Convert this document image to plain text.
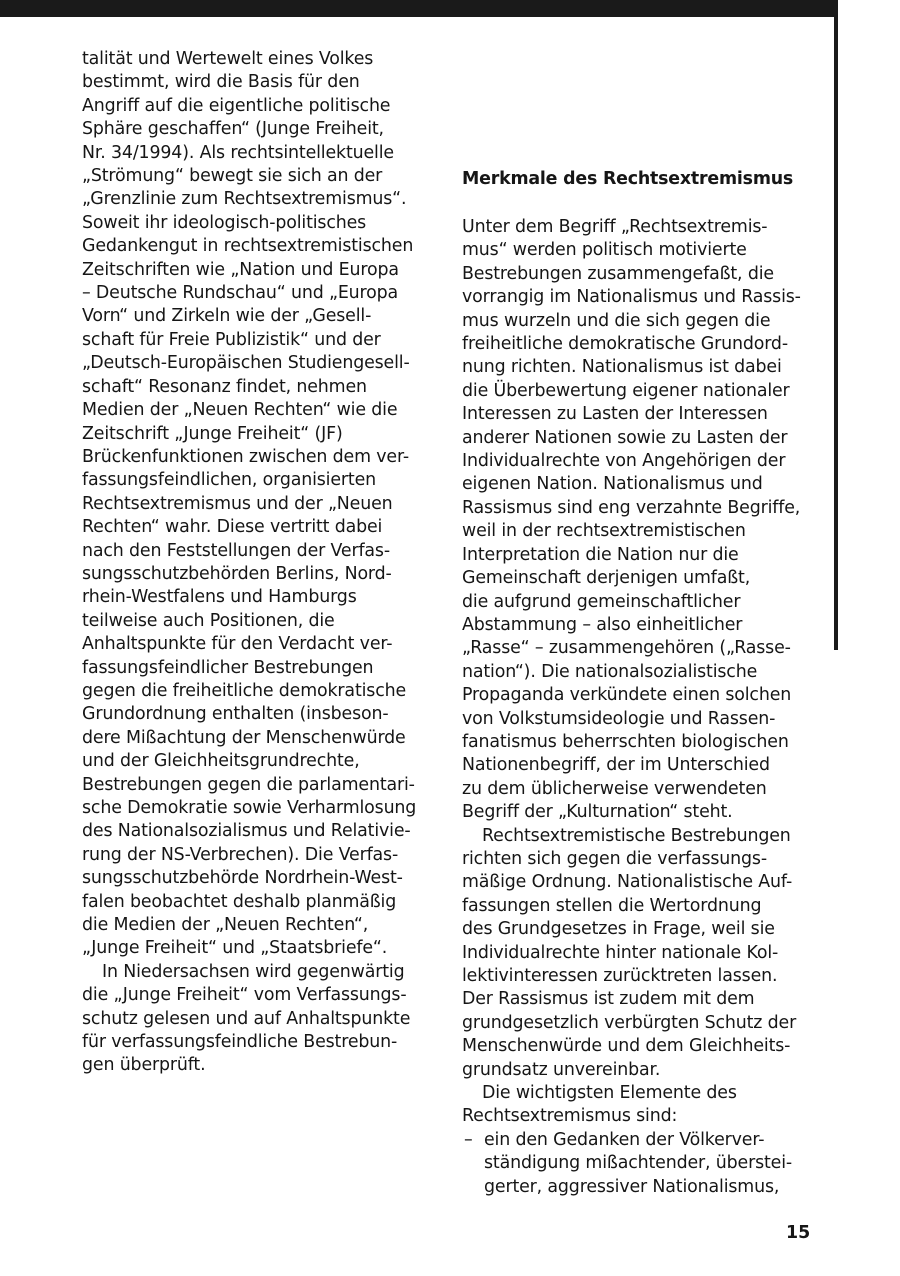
talität und Wertewelt eines Volkes
bestimmt, wird die Basis für den
Angriff auf die eigentliche politische
Sphäre geschaffen“ (Junge Freiheit,
Nr. 34/1994). Als rechtsintellektuelle
„Strömung“ bewegt sie sich an der
„Grenzlinie zum Rechtsextremismus“.
Soweit ihr ideologisch-politisches
Gedankengut in rechtsextremistischen
Zeitschriften wie „Nation und Europa
– Deutsche Rundschau“ und „Europa
Vorn“ und Zirkeln wie der „Gesell-
schaft für Freie Publizistik“ und der
„Deutsch-Europäischen Studiengesell-
schaft“ Resonanz findet, nehmen
Medien der „Neuen Rechten“ wie die
Zeitschrift „Junge Freiheit“ (JF)
Brückenfunktionen zwischen dem ver-
fassungsfeindlichen, organisierten
Rechtsextremismus und der „Neuen
Rechten“ wahr. Diese vertritt dabei
nach den Feststellungen der Verfas-
sungsschutzbehörden Berlins, Nord-
rhein-Westfalens und Hamburgs
teilweise auch Positionen, die
Anhaltspunkte für den Verdacht ver-
fassungsfeindlicher Bestrebungen
gegen die freiheitliche demokratische
Grundordnung enthalten (insbeson-
dere Mißachtung der Menschenwürde
und der Gleichheitsgrundrechte,
Bestrebungen gegen die parlamentari-
sche Demokratie sowie Verharmlosung
des Nationalsozialismus und Relativie-
rung der NS-Verbrechen). Die Verfas-
sungsschutzbehörde Nordrhein-West-
falen beobachtet deshalb planmäßig
die Medien der „Neuen Rechten“,
„Junge Freiheit“ und „Staatsbriefe“.
In Niedersachsen wird gegenwärtig
die „Junge Freiheit“ vom Verfassungs-
schutz gelesen und auf Anhaltspunkte
für verfassungsfeindliche Bestrebun-
gen überprüft.
Merkmale des Rechtsextremismus
Unter dem Begriff „Rechtsextremis-
mus“ werden politisch motivierte
Bestrebungen zusammengefaßt, die
vorrangig im Nationalismus und Rassis-
mus wurzeln und die sich gegen die
freiheitliche demokratische Grundord-
nung richten. Nationalismus ist dabei
die Überbewertung eigener nationaler
Interessen zu Lasten der Interessen
anderer Nationen sowie zu Lasten der
Individualrechte von Angehörigen der
eigenen Nation. Nationalismus und
Rassismus sind eng verzahnte Begriffe,
weil in der rechtsextremistischen
Interpretation die Nation nur die
Gemeinschaft derjenigen umfaßt,
die aufgrund gemeinschaftlicher
Abstammung – also einheitlicher
„Rasse“ – zusammengehören („Rasse-
nation“). Die nationalsozialistische
Propaganda verkündete einen solchen
von Volkstumsideologie und Rassen-
fanatismus beherrschten biologischen
Nationenbegriff, der im Unterschied
zu dem üblicherweise verwendeten
Begriff der „Kulturnation“ steht.
Rechtsextremistische Bestrebungen
richten sich gegen die verfassungs-
mäßige Ordnung. Nationalistische Auf-
fassungen stellen die Wertordnung
des Grundgesetzes in Frage, weil sie
Individualrechte hinter nationale Kol-
lektivinteressen zurücktreten lassen.
Der Rassismus ist zudem mit dem
grundgesetzlich verbürgten Schutz der
Menschenwürde und dem Gleichheits-
grundsatz unvereinbar.
Die wichtigsten Elemente des
Rechtsextremismus sind:
ein den Gedanken der Völkerver-
–
ständigung mißachtender, überstei-
gerter, aggressiver Nationalismus,
15
